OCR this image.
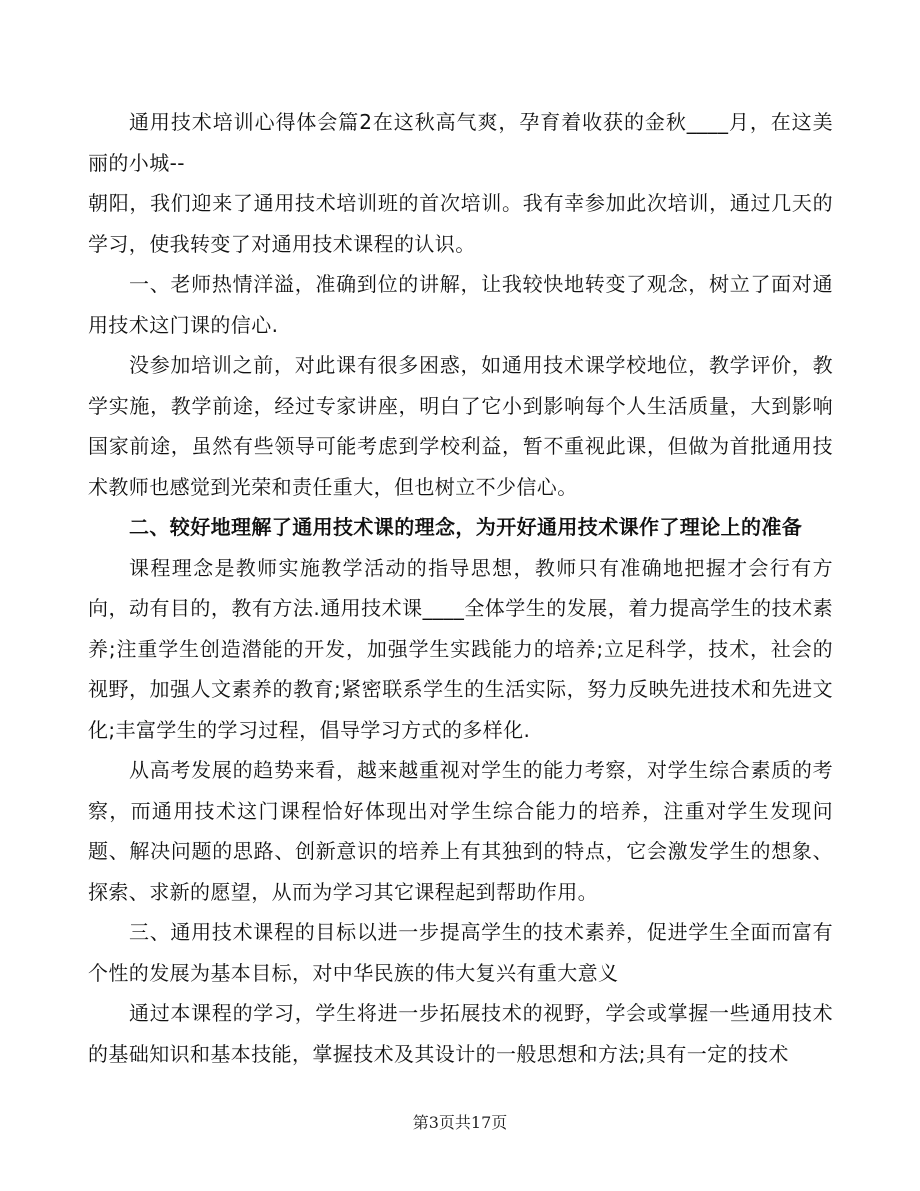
通用技术培训心得体会篇2在这秋高气爽，孕育着收获的金秋____月，在这美丽的小城--

朝阳，我们迎来了通用技术培训班的首次培训。我有幸参加此次培训，通过几天的学习，使我转变了对通用技术课程的认识。

一、老师热情洋溢，准确到位的讲解，让我较快地转变了观念，树立了面对通用技术这门课的信心.

没参加培训之前，对此课有很多困惑，如通用技术课学校地位，教学评价，教学实施，教学前途，经过专家讲座，明白了它小到影响每个人生活质量，大到影响国家前途，虽然有些领导可能考虑到学校利益，暂不重视此课，但做为首批通用技术教师也感觉到光荣和责任重大，但也树立不少信心。

二、较好地理解了通用技术课的理念，为开好通用技术课作了理论上的准备

课程理念是教师实施教学活动的指导思想，教师只有准确地把握才会行有方向，动有目的，教有方法.通用技术课____全体学生的发展，着力提高学生的技术素养;注重学生创造潜能的开发，加强学生实践能力的培养;立足科学，技术，社会的视野，加强人文素养的教育;紧密联系学生的生活实际，努力反映先进技术和先进文化;丰富学生的学习过程，倡导学习方式的多样化.

从高考发展的趋势来看，越来越重视对学生的能力考察，对学生综合素质的考察，而通用技术这门课程恰好体现出对学生综合能力的培养，注重对学生发现问题、解决问题的思路、创新意识的培养上有其独到的特点，它会激发学生的想象、探索、求新的愿望，从而为学习其它课程起到帮助作用。

三、通用技术课程的目标以进一步提高学生的技术素养，促进学生全面而富有个性的发展为基本目标，对中华民族的伟大复兴有重大意义

通过本课程的学习，学生将进一步拓展技术的视野，学会或掌握一些通用技术的基础知识和基本技能，掌握技术及其设计的一般思想和方法;具有一定的技术

第3页共17页
